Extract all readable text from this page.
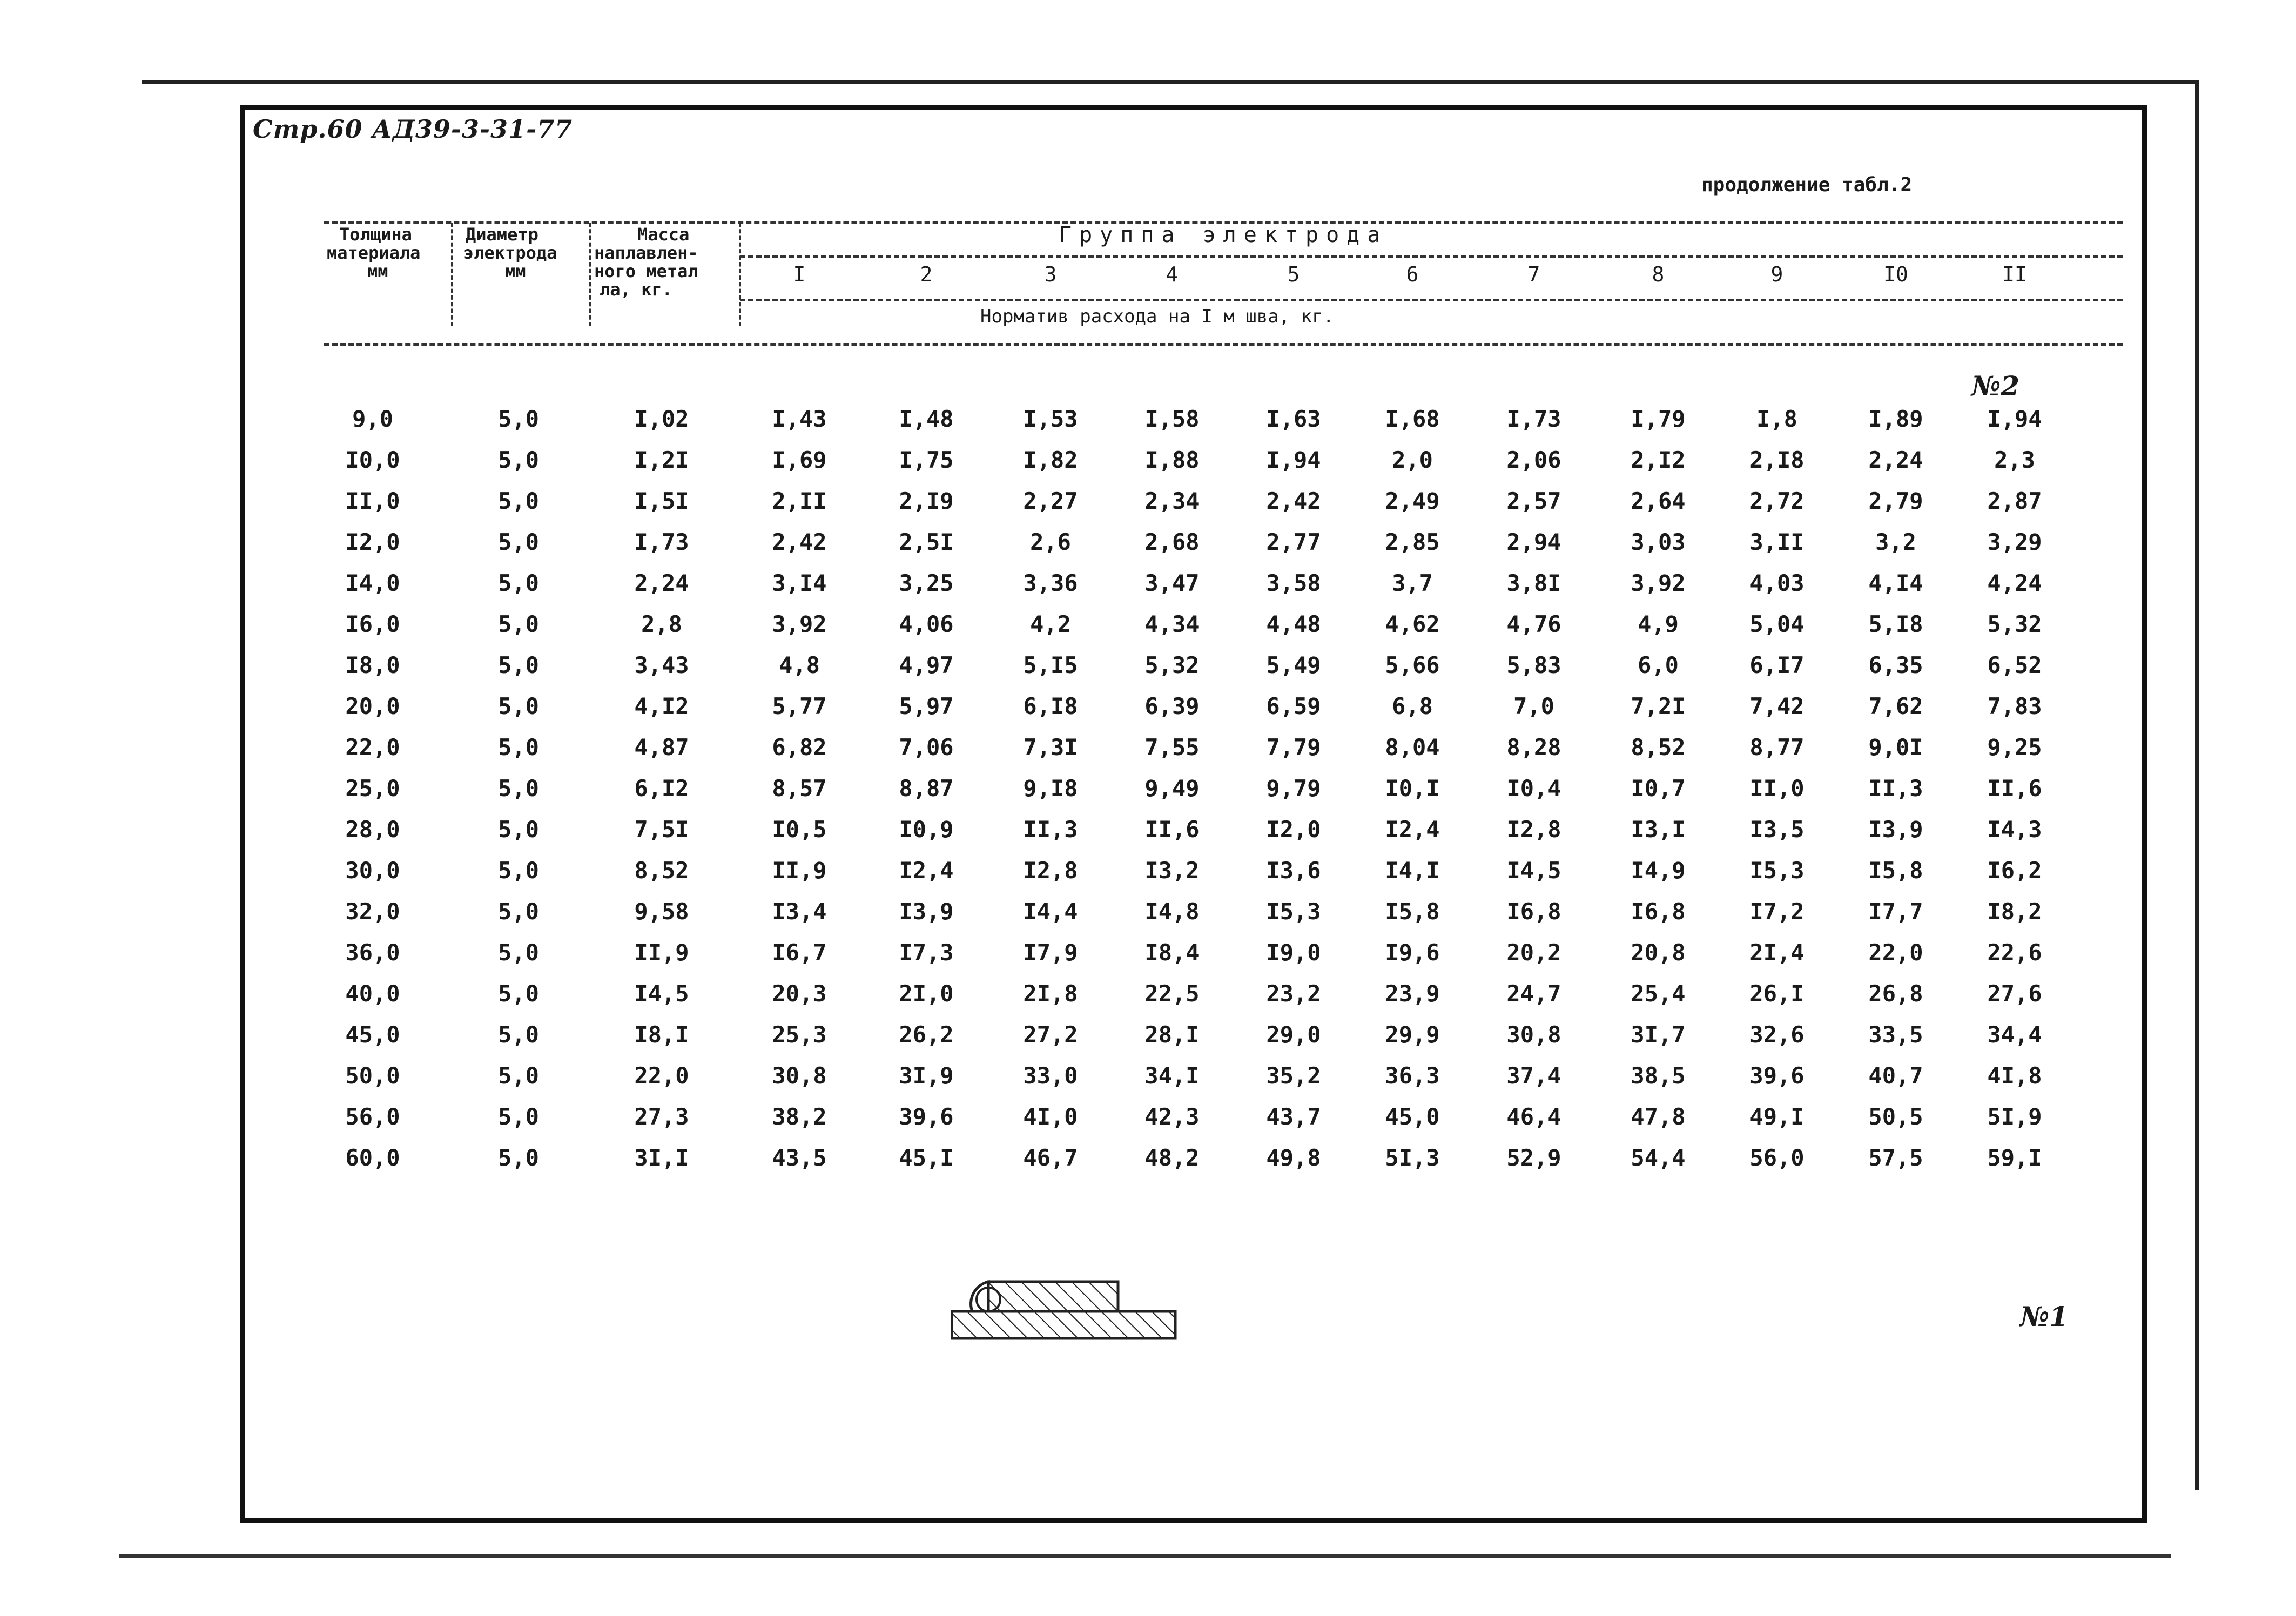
Стр.60 АД39-3-31-77
продолжение табл.2
Толщина
материала
мм
Диаметр
электрода
мм
Масса
наплавлен-
ного метал
ла, кг.
Группа электрода
I	2	3	4	5	6	7	8	9	I0	II
Норматив расхода на I м шва, кг.
9,0	5,0	I,02	I,43	I,48	I,53	I,58	I,63	I,68	I,73	I,79	I,8	I,89	I,94
I0,0	5,0	I,2I	I,69	I,75	I,82	I,88	I,94	2,0	2,06	2,I2	2,I8	2,24	2,3
II,0	5,0	I,5I	2,II	2,I9	2,27	2,34	2,42	2,49	2,57	2,64	2,72	2,79	2,87
I2,0	5,0	I,73	2,42	2,5I	2,6	2,68	2,77	2,85	2,94	3,03	3,II	3,2	3,29
I4,0	5,0	2,24	3,I4	3,25	3,36	3,47	3,58	3,7	3,8I	3,92	4,03	4,I4	4,24
I6,0	5,0	2,8	3,92	4,06	4,2	4,34	4,48	4,62	4,76	4,9	5,04	5,I8	5,32
I8,0	5,0	3,43	4,8	4,97	5,I5	5,32	5,49	5,66	5,83	6,0	6,I7	6,35	6,52
20,0	5,0	4,I2	5,77	5,97	6,I8	6,39	6,59	6,8	7,0	7,2I	7,42	7,62	7,83
22,0	5,0	4,87	6,82	7,06	7,3I	7,55	7,79	8,04	8,28	8,52	8,77	9,0I	9,25
25,0	5,0	6,I2	8,57	8,87	9,I8	9,49	9,79	I0,I	I0,4	I0,7	II,0	II,3	II,6
28,0	5,0	7,5I	I0,5	I0,9	II,3	II,6	I2,0	I2,4	I2,8	I3,I	I3,5	I3,9	I4,3
30,0	5,0	8,52	II,9	I2,4	I2,8	I3,2	I3,6	I4,I	I4,5	I4,9	I5,3	I5,8	I6,2
32,0	5,0	9,58	I3,4	I3,9	I4,4	I4,8	I5,3	I5,8	I6,8	I6,8	I7,2	I7,7	I8,2
36,0	5,0	II,9	I6,7	I7,3	I7,9	I8,4	I9,0	I9,6	20,2	20,8	2I,4	22,0	22,6
40,0	5,0	I4,5	20,3	2I,0	2I,8	22,5	23,2	23,9	24,7	25,4	26,I	26,8	27,6
45,0	5,0	I8,I	25,3	26,2	27,2	28,I	29,0	29,9	30,8	3I,7	32,6	33,5	34,4
50,0	5,0	22,0	30,8	3I,9	33,0	34,I	35,2	36,3	37,4	38,5	39,6	40,7	4I,8
56,0	5,0	27,3	38,2	39,6	4I,0	42,3	43,7	45,0	46,4	47,8	49,I	50,5	5I,9
60,0	5,0	3I,I	43,5	45,I	46,7	48,2	49,8	5I,3	52,9	54,4	56,0	57,5	59,I
№2
№1
